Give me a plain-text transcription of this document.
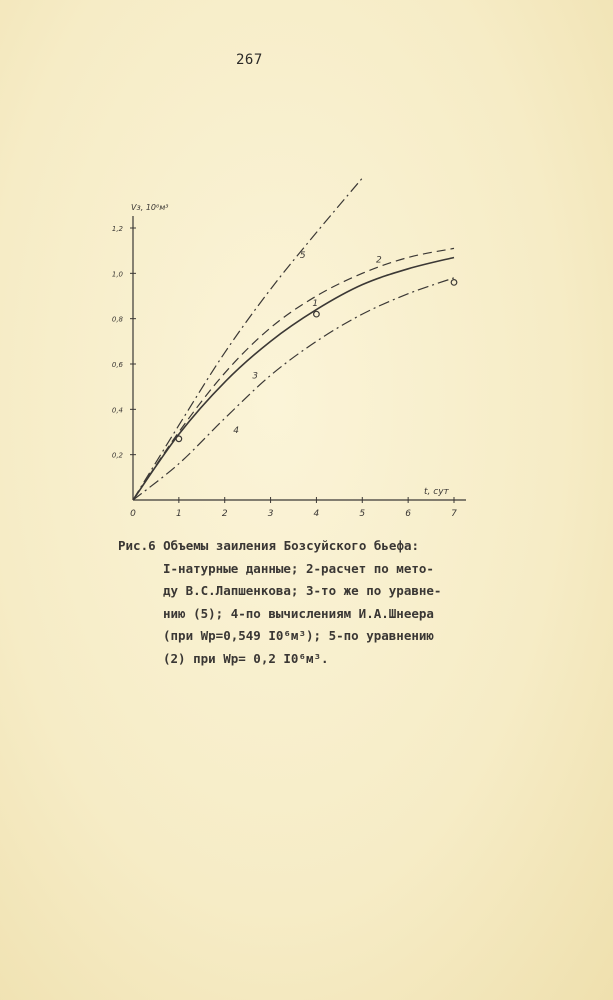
267
0	1	2	3	4	5	6	7
0,2
0,4
0,6
0,8
1,0
1,2
t, сут
Vз, 10⁶м³
1
2
3
4
5
Рис.6 Объемы заиления Бозсуйского бьефа:
I-натурные данные; 2-расчет по мето-
ду В.С.Лапшенкова; 3-то же по уравне-
нию (5); 4-по вычислениям И.А.Шнеера
(при Wp=0,549 I0⁶м³); 5-по уравнению
(2) при Wp= 0,2 I0⁶м³.
